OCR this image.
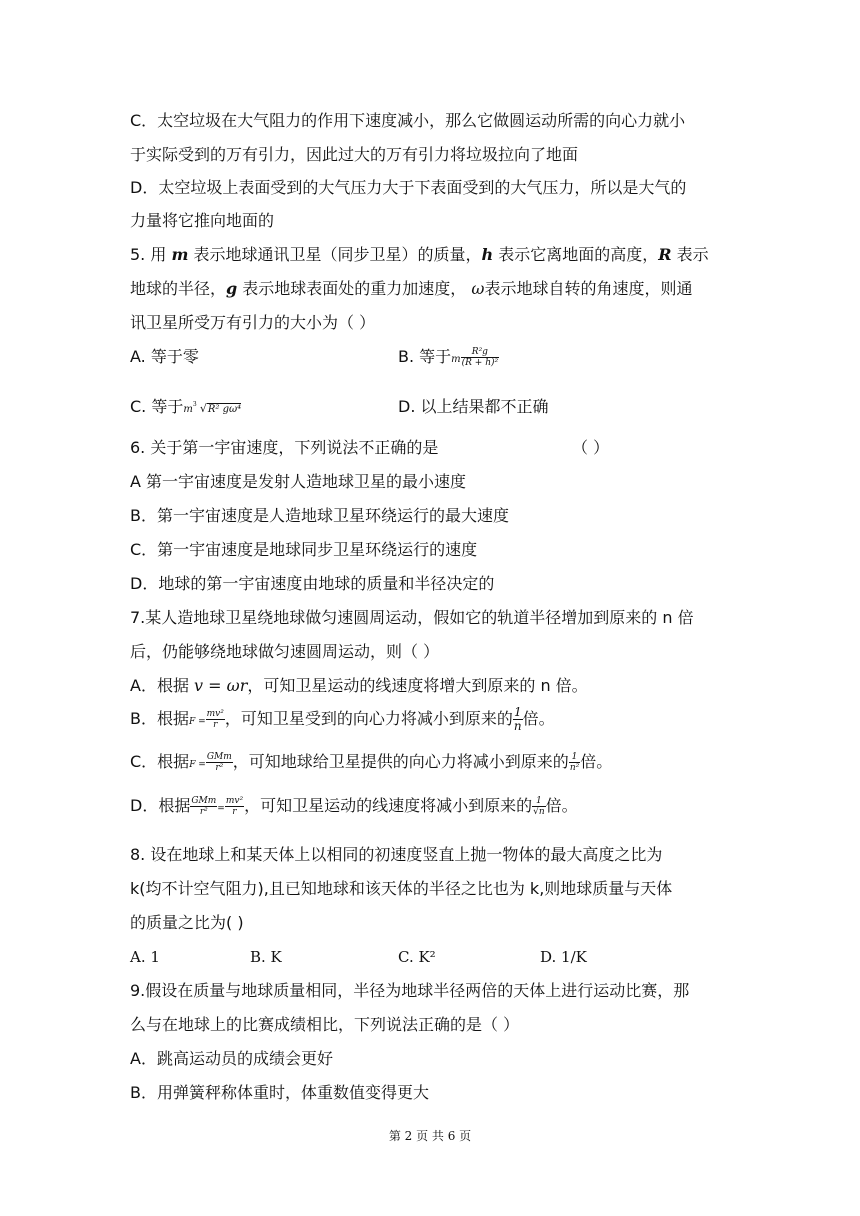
C．太空垃圾在大气阻力的作用下速度减小，那么它做圆运动所需的向心力就小
于实际受到的万有引力，因此过大的万有引力将垃圾拉向了地面
D．太空垃圾上表面受到的大气压力大于下表面受到的大气压力，所以是大气的
力量将它推向地面的
5. 用 m 表示地球通讯卫星（同步卫星）的质量，h 表示它离地面的高度，R 表示
地球的半径，g 表示地球表面处的重力加速度， ω表示地球自转的角速度，则通
讯卫星所受万有引力的大小为（ ）
A. 等于零	B. 等于m $\frac{\text{R²g}}{\text{(R + h)²}}$
C. 等于m 3 √R² gω⁴	D. 以上结果都不正确
6. 关于第一宇宙速度，下列说法不正确的是	（ ）
A 第一宇宙速度是发射人造地球卫星的最小速度
B．第一宇宙速度是人造地球卫星环绕运行的最大速度
C．第一宇宙速度是地球同步卫星环绕运行的速度
D．地球的第一宇宙速度由地球的质量和半径决定的
7.某人造地球卫星绕地球做匀速圆周运动，假如它的轨道半径增加到原来的 n 倍
后，仍能够绕地球做匀速圆周运动，则（ ）
A．根据 v = ωr，可知卫星运动的线速度将增大到原来的 n 倍。
B．根据$F = \frac{\text{mv²}}{r}$ ，可知卫星受到的向心力将减小到原来的 $\frac{1}{n}$ 倍。
C．根据$F = \frac{\text{GMm}}{\text{r²}}$ ，可知地球给卫星提供的向心力将减小到原来的 $\frac{1}{\text{n²}}$ 倍。
D．根据 $\frac{\text{GMm}}{\text{r²}} = \frac{\text{mv²}}{r}$ ，可知卫星运动的线速度将减小到原来的 $\frac{1}{√n}$ 倍。
8. 设在地球上和某天体上以相同的初速度竖直上抛一物体的最大高度之比为
k(均不计空气阻力),且已知地球和该天体的半径之比也为 k,则地球质量与天体
的质量之比为( )
A. 1	B. K	C. K²	D. 1/K
9.假设在质量与地球质量相同，半径为地球半径两倍的天体上进行运动比赛，那
么与在地球上的比赛成绩相比，下列说法正确的是（ ）
A．跳高运动员的成绩会更好
B．用弹簧秤称体重时，体重数值变得更大
第 2 页 共 6 页
